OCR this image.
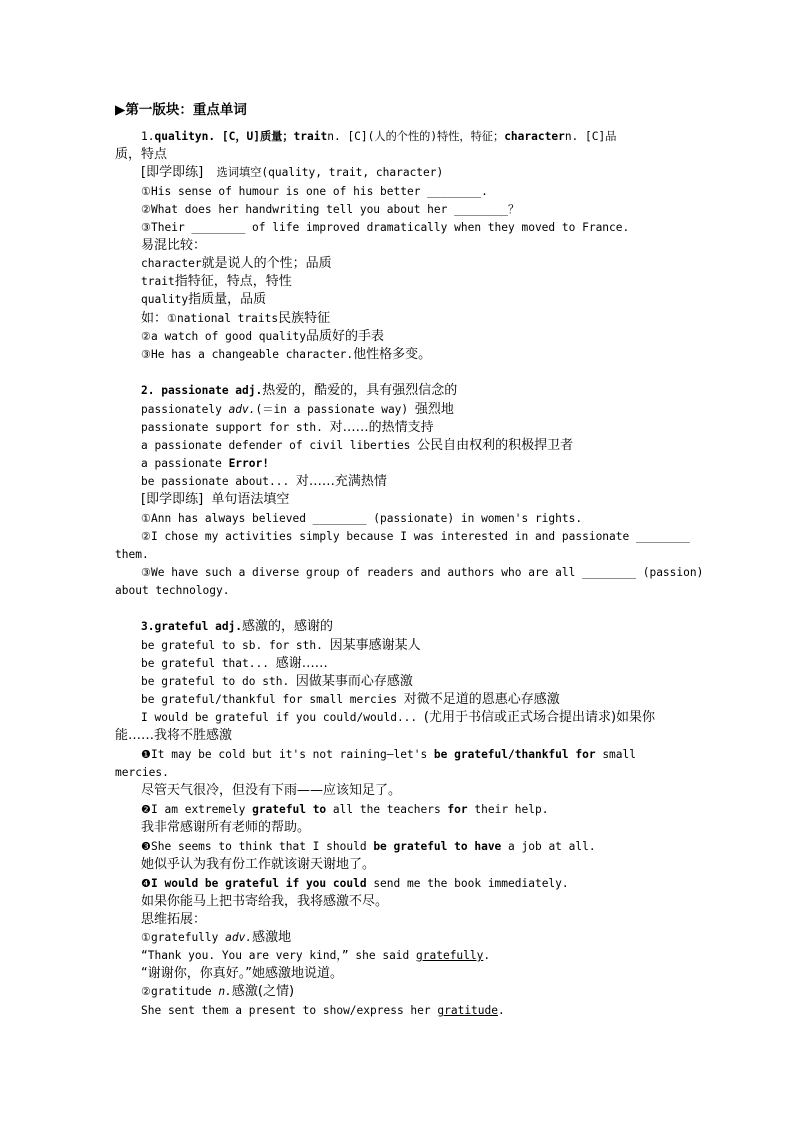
▶第一版块：重点单词
1.qualityn. [C，U]质量；traitn. [C](人的个性的)特性，特征；charactern. [C]品
质，特点
[即学即练] 选词填空(quality, trait, character)
①His sense of humour is one of his better ________.
②What does her handwriting tell you about her ________？
③Their ________ of life improved dramatically when they moved to France.
易混比较：
character就是说人的个性；品质
trait指特征，特点，特性
quality指质量，品质
如：①national traits民族特征
②a watch of good quality品质好的手表
③He has a changeable character.他性格多变。
2. passionate adj.热爱的，酷爱的，具有强烈信念的
passionately adv.(＝in a passionate way) 强烈地
passionate support for sth. 对……的热情支持
a passionate defender of civil liberties 公民自由权利的积极捍卫者
a passionate Error!
be passionate about... 对……充满热情
[即学即练] 单句语法填空
①Ann has always believed ________ (passionate) in women's rights.
②I chose my activities simply because I was interested in and passionate ________
them.
③We have such a diverse group of readers and authors who are all ________ (passion)
about technology.
3.grateful adj.感激的，感谢的
be grateful to sb. for sth. 因某事感谢某人
be grateful that... 感谢……
be grateful to do sth. 因做某事而心存感激
be grateful/thankful for small mercies 对微不足道的恩惠心存感激
I would be grateful if you could/would... (尤用于书信或正式场合提出请求)如果你
能……我将不胜感激
❶It may be cold but it's not raining—let's be grateful/thankful for small
mercies.
尽管天气很冷，但没有下雨——应该知足了。
❷I am extremely grateful to all the teachers for their help.
我非常感谢所有老师的帮助。
❸She seems to think that I should be grateful to have a job at all.
她似乎认为我有份工作就该谢天谢地了。
❹I would be grateful if you could send me the book immediately.
如果你能马上把书寄给我，我将感激不尽。
思维拓展：
①gratefully adv.感激地
“Thank you. You are very kind，” she said gratefully.
“谢谢你，你真好。”她感激地说道。
②gratitude n.感激(之情)
She sent them a present to show/express her gratitude.
